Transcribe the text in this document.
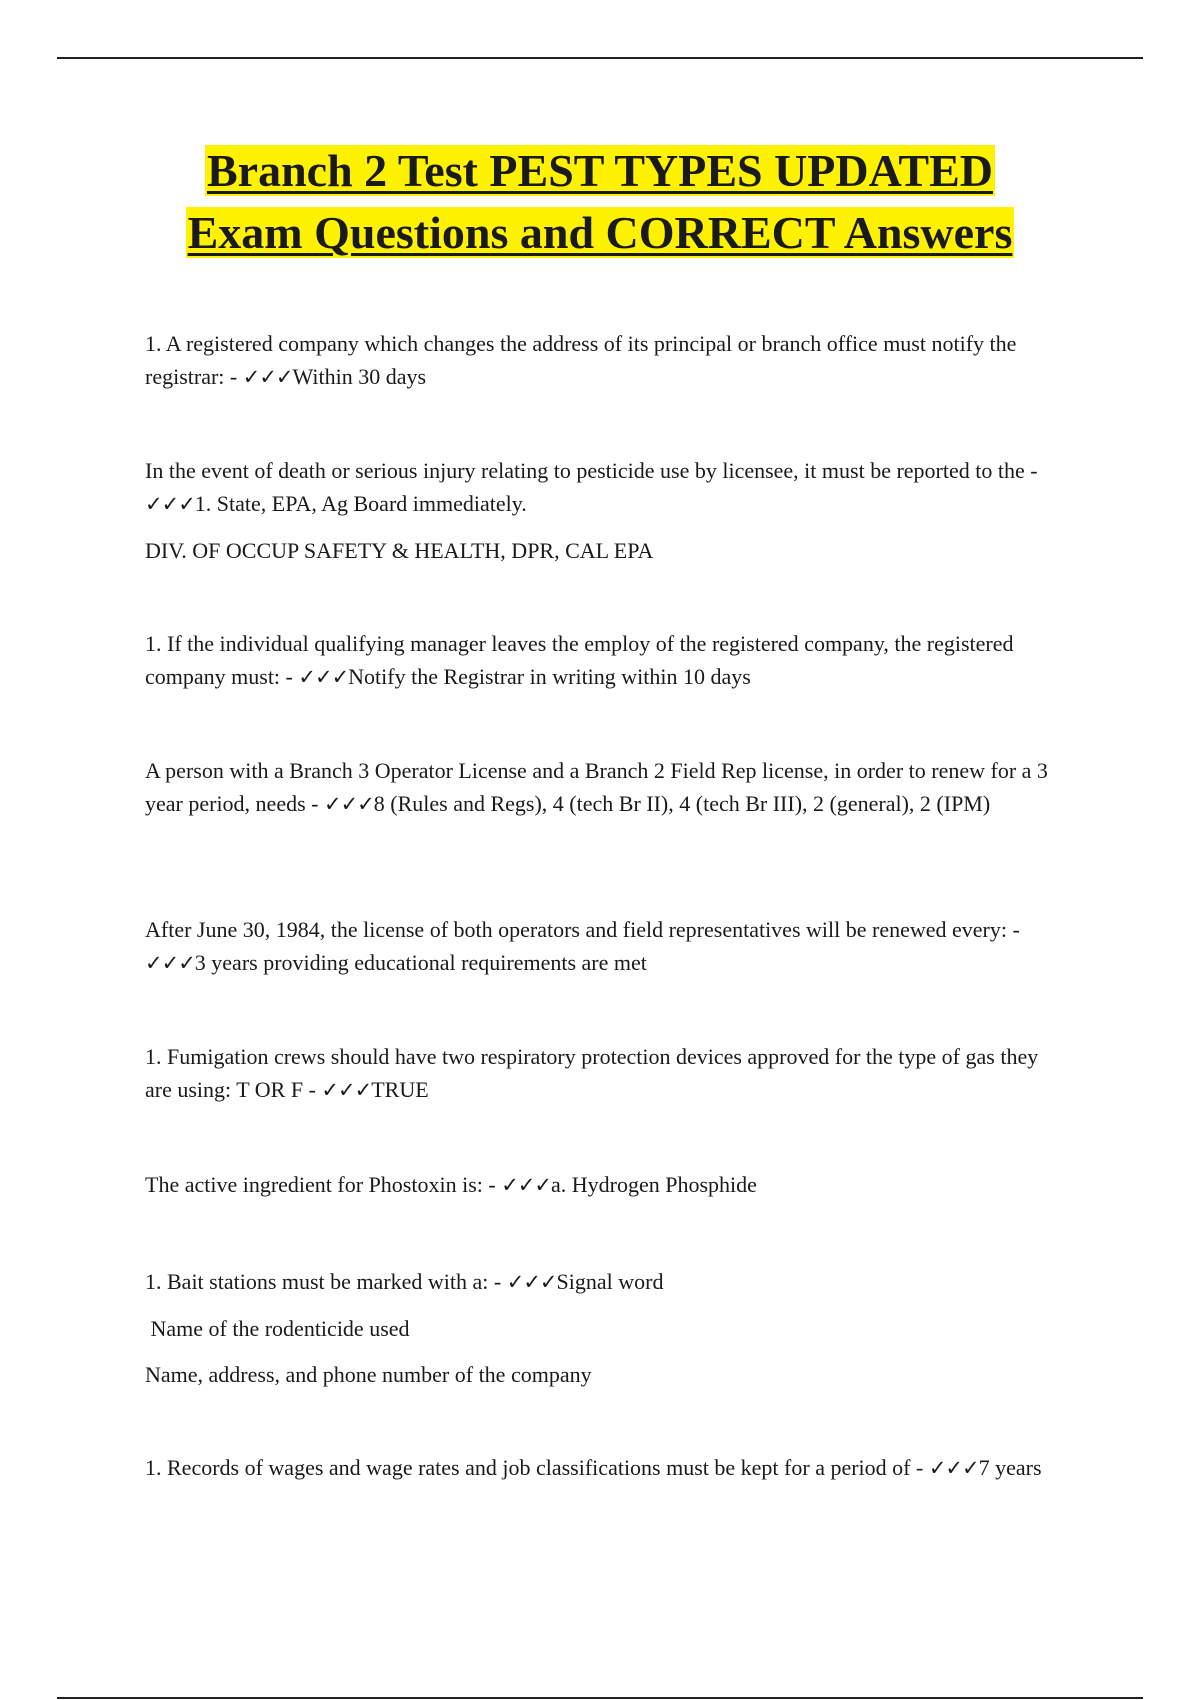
Branch 2 Test PEST TYPES UPDATED
Exam Questions and CORRECT Answers

1. A registered company which changes the address of its principal or branch office must notify the registrar: - ✓✓✓Within 30 days

In the event of death or serious injury relating to pesticide use by licensee, it must be reported to the - ✓✓✓1. State, EPA, Ag Board immediately.

DIV. OF OCCUP SAFETY & HEALTH, DPR, CAL EPA

1. If the individual qualifying manager leaves the employ of the registered company, the registered company must: - ✓✓✓Notify the Registrar in writing within 10 days

A person with a Branch 3 Operator License and a Branch 2 Field Rep license, in order to renew for a 3 year period, needs - ✓✓✓8 (Rules and Regs), 4 (tech Br II), 4 (tech Br III), 2 (general), 2 (IPM)

After June 30, 1984, the license of both operators and field representatives will be renewed every: - ✓✓✓3 years providing educational requirements are met

1. Fumigation crews should have two respiratory protection devices approved for the type of gas they are using: T OR F - ✓✓✓TRUE

The active ingredient for Phostoxin is: - ✓✓✓a. Hydrogen Phosphide

1. Bait stations must be marked with a: - ✓✓✓Signal word

Name of the rodenticide used

Name, address, and phone number of the company

1. Records of wages and wage rates and job classifications must be kept for a period of - ✓✓✓7 years
